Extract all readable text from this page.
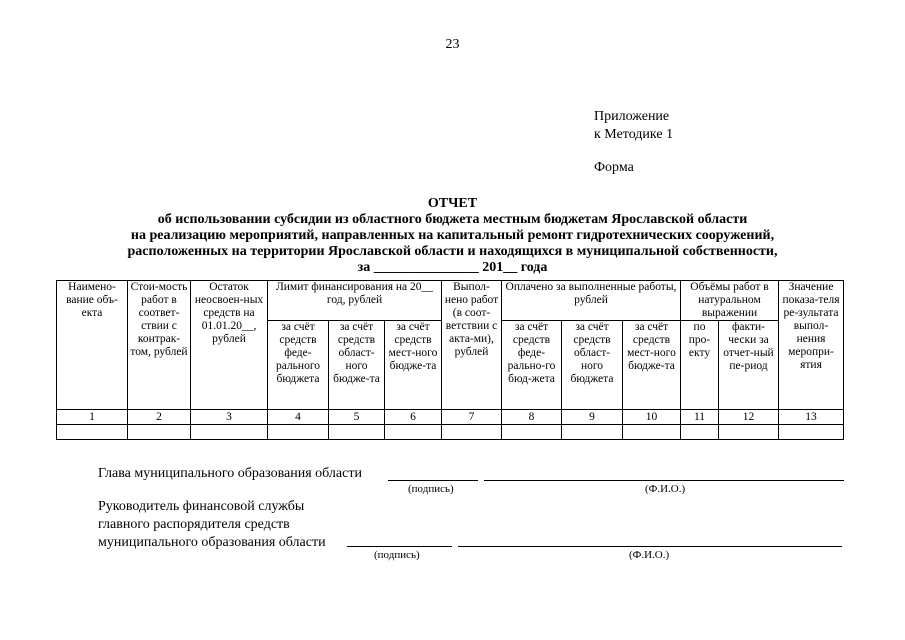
23
Приложение
к Методике 1
Форма
ОТЧЕТ
об использовании субсидии из областного бюджета местным бюджетам Ярославской области
на реализацию мероприятий, направленных на капитальный ремонт гидротехнических сооружений,
расположенных на территории Ярославской области и находящихся в муниципальной собственности,
за _______________ 201__ года
Наимено-вание объ-екта	Стои-мость работ в соответ-ствии с контрак-том, рублей	Остаток неосвоен-ных средств на 01.01.20__, рублей	Лимит финансирования на 20__ год, рублей			Выпол-нено работ (в соот-ветствии с акта-ми), рублей	Оплачено за выполненные работы, рублей			Объёмы работ в натуральном выражении		Значение показа-теля ре-зультата выпол-нения меропри-ятия
			за счёт средств феде-рального бюджета	за счёт средств област-ного бюдже-та	за счёт средств мест-ного бюдже-та		за счёт средств феде-рально-го бюд-жета	за счёт средств област-ного бюджета	за счёт средств мест-ного бюдже-та	по про-екту	факти-чески за отчет-ный пе-риод	
1	2	3	4	5	6	7	8	9	10	11	12	13

Глава муниципального образования области
(подпись)	(Ф.И.О.)
Руководитель финансовой службы
главного распорядителя средств
муниципального образования области
(подпись)	(Ф.И.О.)
